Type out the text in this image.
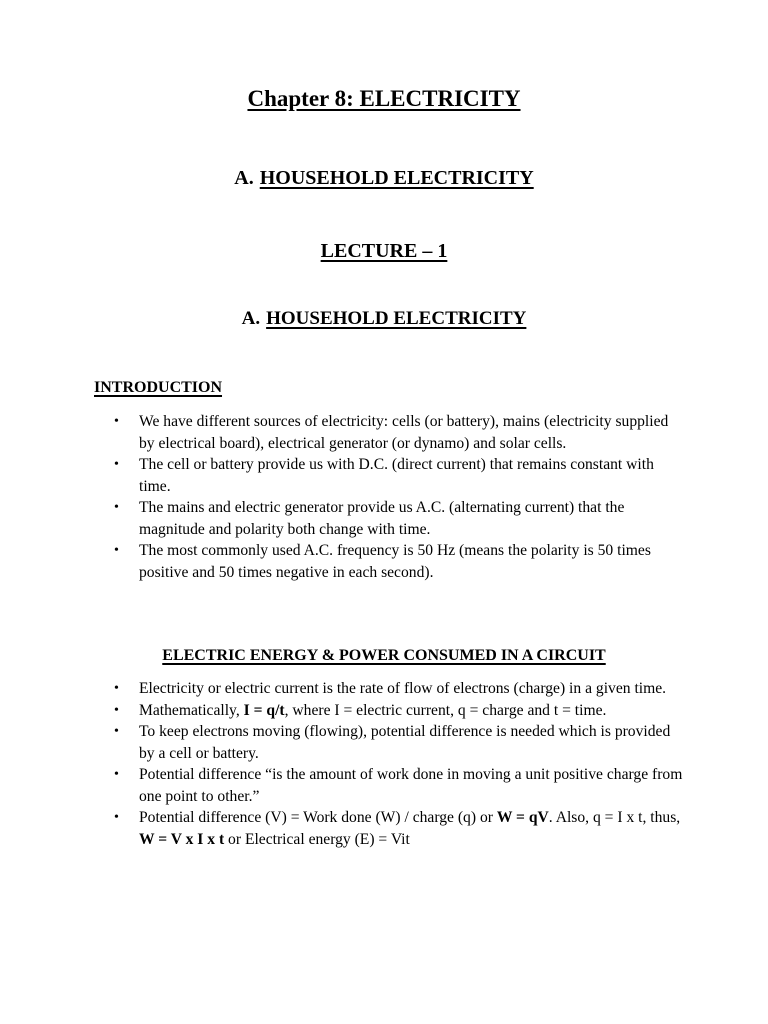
Chapter 8: ELECTRICITY
A. HOUSEHOLD ELECTRICITY
LECTURE – 1
A. HOUSEHOLD ELECTRICITY
INTRODUCTION
• We have different sources of electricity: cells (or battery), mains (electricity supplied by electrical board), electrical generator (or dynamo) and solar cells.
• The cell or battery provide us with D.C. (direct current) that remains constant with time.
• The mains and electric generator provide us A.C. (alternating current) that the magnitude and polarity both change with time.
• The most commonly used A.C. frequency is 50 Hz (means the polarity is 50 times positive and 50 times negative in each second).
ELECTRIC ENERGY & POWER CONSUMED IN A CIRCUIT
• Electricity or electric current is the rate of flow of electrons (charge) in a given time.
• Mathematically, I = q/t, where I = electric current, q = charge and t = time.
• To keep electrons moving (flowing), potential difference is needed which is provided by a cell or battery.
• Potential difference “is the amount of work done in moving a unit positive charge from one point to other.”
• Potential difference (V) = Work done (W) / charge (q) or W = qV. Also, q = I x t, thus, W = V x I x t or Electrical energy (E) = Vit
